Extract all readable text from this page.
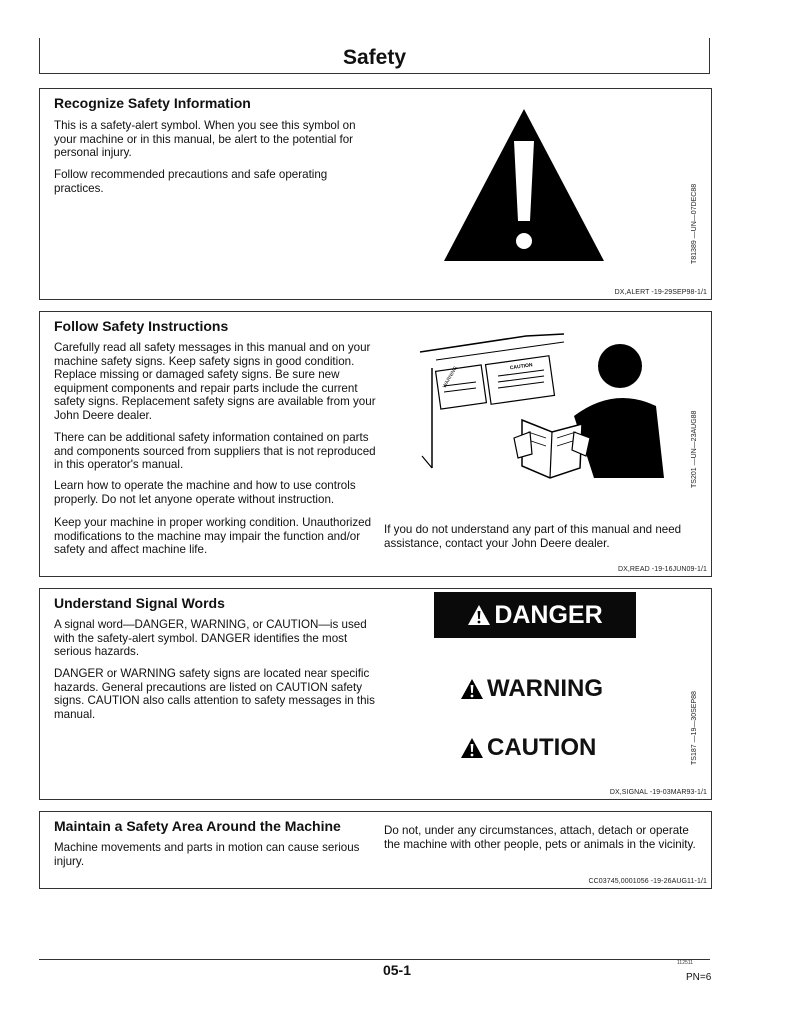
Safety
Recognize Safety Information

This is a safety-alert symbol. When you see this symbol on your machine or in this manual, be alert to the potential for personal injury.

Follow recommended precautions and safe operating practices.	T81389 —UN—07DEC88
DX,ALERT -19-29SEP98-1/1
Follow Safety Instructions

Carefully read all safety messages in this manual and on your machine safety signs. Keep safety signs in good condition. Replace missing or damaged safety signs. Be sure new equipment components and repair parts include the current safety signs. Replacement safety signs are available from your John Deere dealer.

There can be additional safety information contained on parts and components sourced from suppliers that is not reproduced in this operator's manual.

Learn how to operate the machine and how to use controls properly. Do not let anyone operate without instruction.

Keep your machine in proper working condition. Unauthorized modifications to the machine may impair the function and/or safety and affect machine life.

If you do not understand any part of this manual and need assistance, contact your John Deere dealer.

WARNING	CAUTION
TS201 —UN—23AUG88
DX,READ -19-16JUN09-1/1
Understand Signal Words

A signal word—DANGER, WARNING, or CAUTION—is used with the safety-alert symbol. DANGER identifies the most serious hazards.

DANGER or WARNING safety signs are located near specific hazards. General precautions are listed on CAUTION safety signs. CAUTION also calls attention to safety messages in this manual.

DANGER
WARNING
CAUTION	TS187 —19—30SEP88
DX,SIGNAL -19-03MAR93-1/1
Maintain a Safety Area Around the Machine

Machine movements and parts in motion can cause serious injury.

Do not, under any circumstances, attach, detach or operate the machine with other people, pets or animals in the vicinity.

CC03745,0001056 -19-26AUG11-1/1
05-1	112511
PN=6
